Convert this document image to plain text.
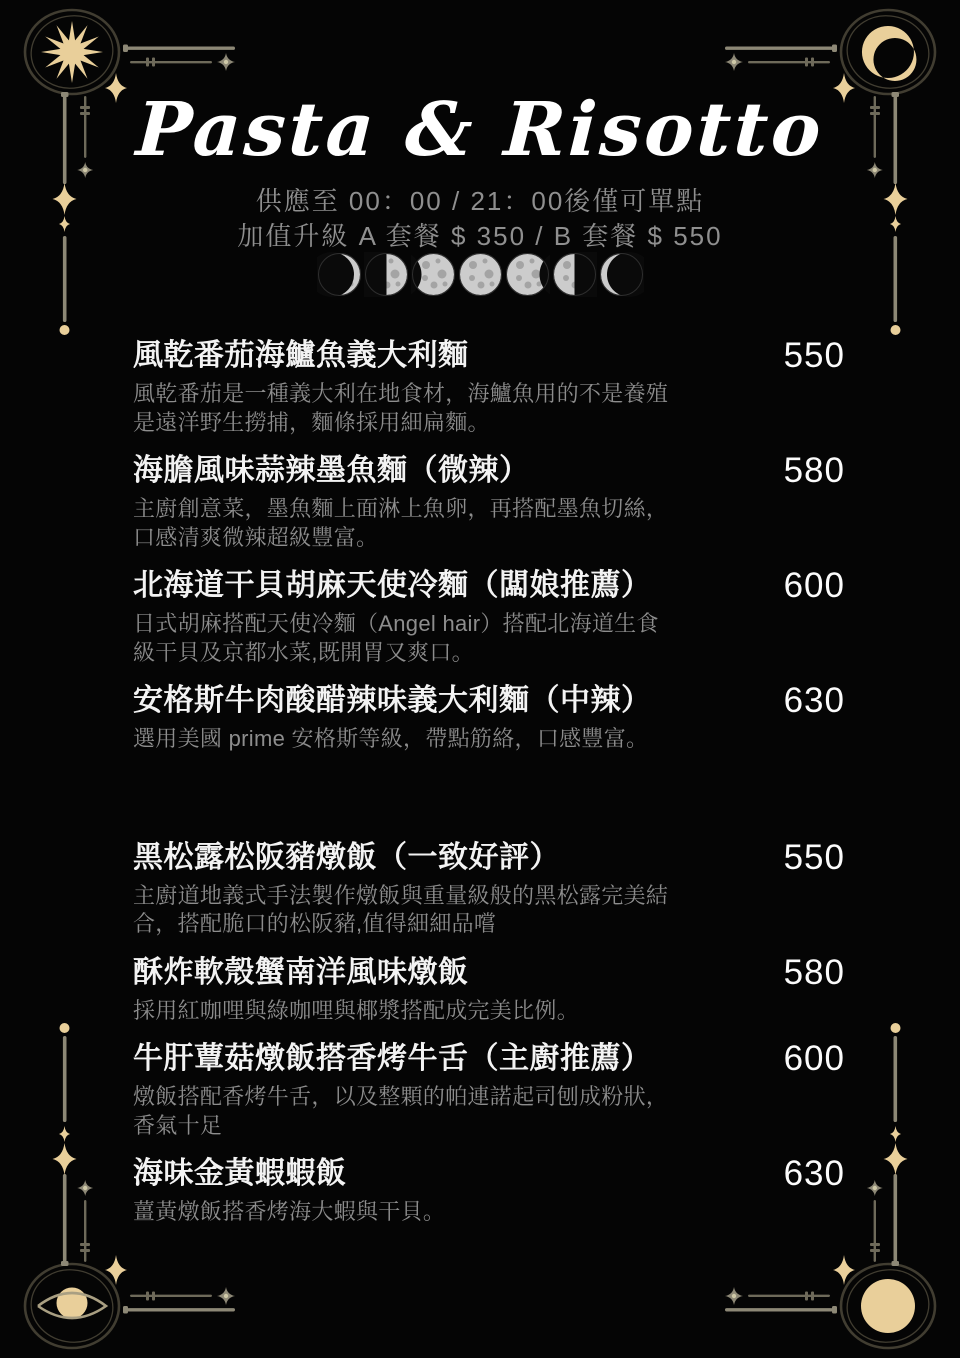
Pasta & Risotto
供應至 00：00 / 21：00後僅可單點
加值升級 A 套餐 $ 350 / B 套餐 $ 550
風乾番茄海鱸魚義大利麵	550
風乾番茄是一種義大利在地食材，海鱸魚用的不是養殖是遠洋野生撈捕，麵條採用細扁麵。
海膽風味蒜辣墨魚麵（微辣）	580
主廚創意菜，墨魚麵上面淋上魚卵，再搭配墨魚切絲，口感清爽微辣超級豐富。
北海道干貝胡麻天使冷麵（闆娘推薦）	600
日式胡麻搭配天使冷麵（Angel hair）搭配北海道生食級干貝及京都水菜,既開胃又爽口。
安格斯牛肉酸醋辣味義大利麵（中辣）	630
選用美國 prime 安格斯等級，帶點筋絡，口感豐富。
黑松露松阪豬燉飯（一致好評）	550
主廚道地義式手法製作燉飯與重量級般的黑松露完美結合，搭配脆口的松阪豬,值得細細品嚐
酥炸軟殼蟹南洋風味燉飯	580
採用紅咖哩與綠咖哩與椰漿搭配成完美比例。
牛肝蕈菇燉飯搭香烤牛舌（主廚推薦）	600
燉飯搭配香烤牛舌，以及整顆的帕連諾起司刨成粉狀，香氣十足
海味金黃蝦蝦飯	630
薑黃燉飯搭香烤海大蝦與干貝。
